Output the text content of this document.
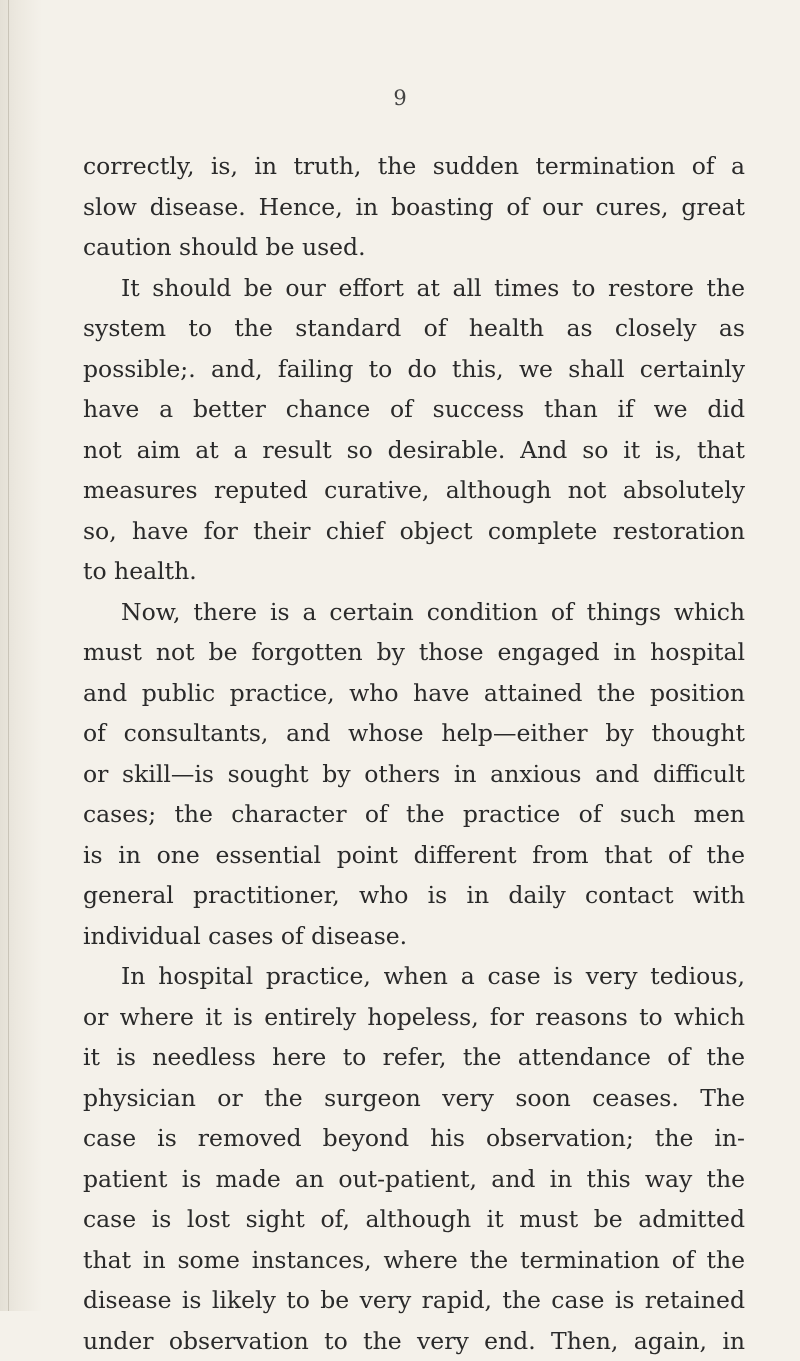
9
correctly, is, in truth, the sudden termination of a
slow disease. Hence, in boasting of our cures, great
caution should be used.
It should be our effort at all times to restore the
system to the standard of health as closely as
possible;. and, failing to do this, we shall certainly
have a better chance of success than if we did
not aim at a result so desirable. And so it is, that
measures reputed curative, although not absolutely
so, have for their chief object complete restoration
to health.
Now, there is a certain condition of things which
must not be forgotten by those engaged in hospital
and public practice, who have attained the position
of consultants, and whose help—either by thought
or skill—is sought by others in anxious and difficult
cases; the character of the practice of such men
is in one essential point different from that of the
general practitioner, who is in daily contact with
individual cases of disease.
In hospital practice, when a case is very tedious,
or where it is entirely hopeless, for reasons to which
it is needless here to refer, the attendance of the
physician or the surgeon very soon ceases. The
case is removed beyond his observation; the in-
patient is made an out-patient, and in this way the
case is lost sight of, although it must be admitted
that in some instances, where the termination of the
disease is likely to be very rapid, the case is retained
under observation to the very end. Then, again, in
